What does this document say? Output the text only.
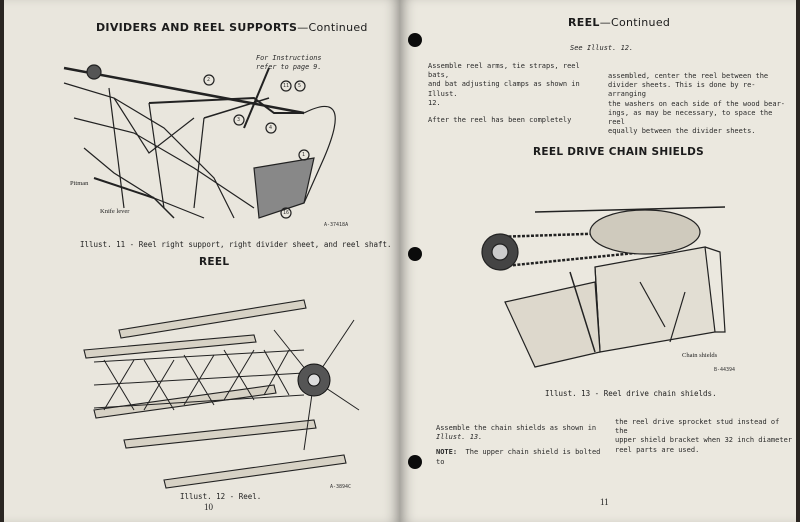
DIVIDERS AND REEL SUPPORTS—Continued
For Instructions
refer to page 9.
2
3
11 5
4
1
16
Pitman
Knife lever
A-37418A
Illust. 11 - Reel right support, right divider sheet, and reel shaft.
REEL
A-3894C
Illust. 12 - Reel.
10
REEL—Continued
See Illust. 12.
Assemble reel arms, tie straps, reel bats,
and bat adjusting clamps as shown in Illust.
12.
After the reel has been completely
assembled, center the reel between the
divider sheets. This is done by re-arranging
the washers on each side of the wood bear-
ings, as may be necessary, to space the reel
equally between the divider sheets.
REEL DRIVE CHAIN SHIELDS
Chain shields
B-44394
Illust. 13 - Reel drive chain shields.
Assemble the chain shields as shown in
Illust. 13.
NOTE: The upper chain shield is bolted to
the reel drive sprocket stud instead of the
upper shield bracket when 32 inch diameter
reel parts are used.
11
